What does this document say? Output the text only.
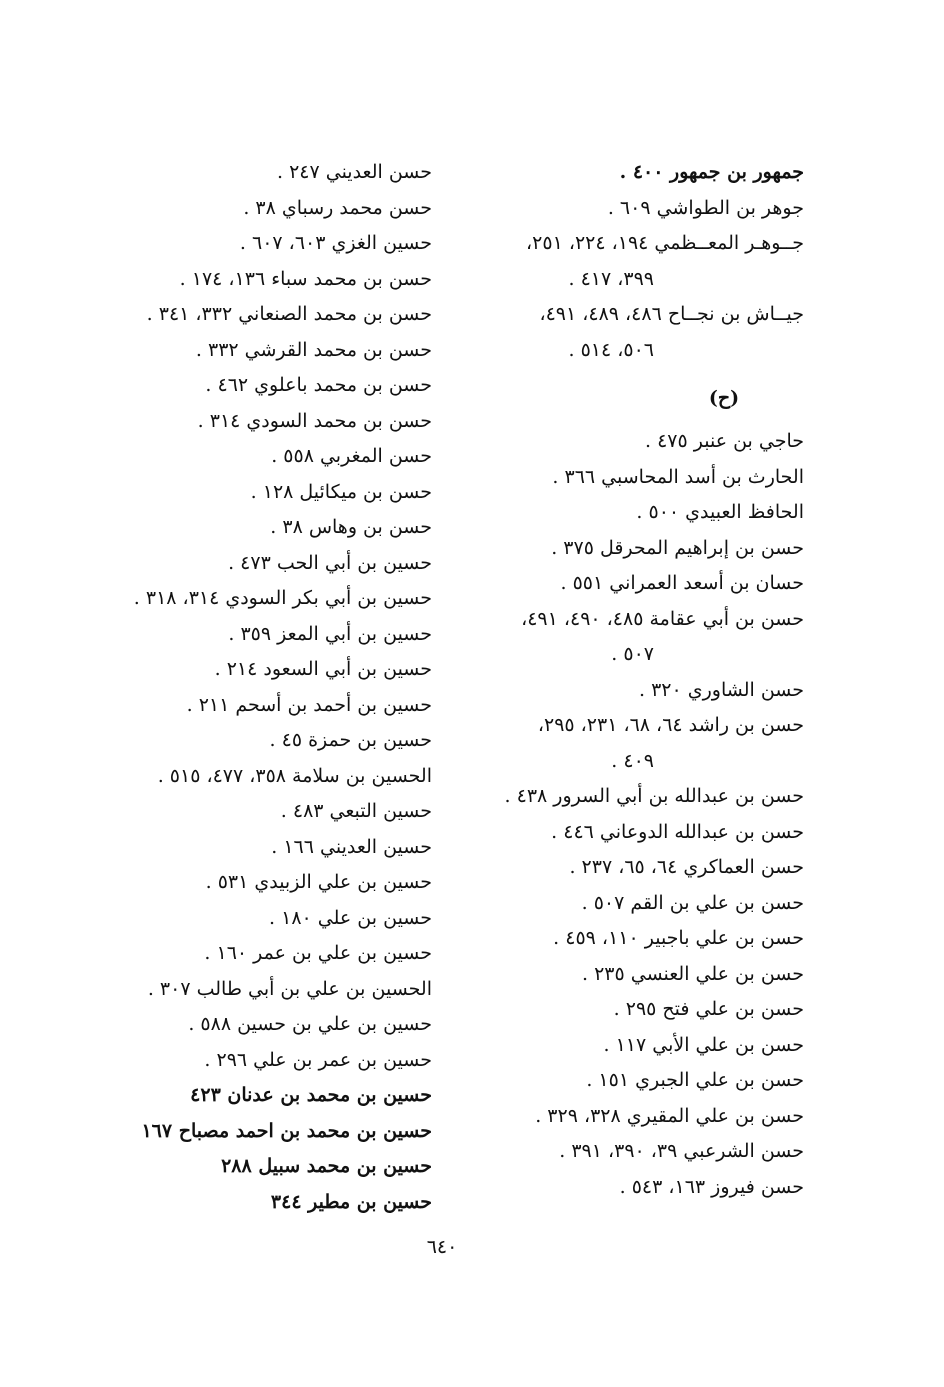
جمهور بن جمهور ٤٠٠ .
جوهر بن الطواشي ٦٠٩ .
جــوهـر المعــظمي ١٩٤، ٢٢٤، ٢٥١،
٣٩٩، ٤١٧ .
جيــاش بن نجــاح ٤٨٦، ٤٨٩، ٤٩١،
٥٠٦، ٥١٤ .
(ح)
حاجي بن عنبر ٤٧٥ .
الحارث بن أسد المحاسبي ٣٦٦ .
الحافظ العبيدي ٥٠٠ .
حسن بن إبراهيم المحرقل ٣٧٥ .
حسان بن أسعد العمراني ٥٥١ .
حسن بن أبي عقامة ٤٨٥، ٤٩٠، ٤٩١،
٥٠٧ .
حسن الشاوري ٣٢٠ .
حسن بن راشد ٦٤، ٦٨، ٢٣١، ٢٩٥،
٤٠٩ .
حسن بن عبدالله بن أبي السرور ٤٣٨ .
حسن بن عبدالله الدوعاني ٤٤٦ .
حسن العماكري ٦٤، ٦٥، ٢٣٧ .
حسن بن علي بن القم ٥٠٧ .
حسن بن علي باجبير ١١٠، ٤٥٩ .
حسن بن علي العنسي ٢٣٥ .
حسن بن علي فتح ٢٩٥ .
حسن بن علي الأبي ١١٧ .
حسن بن علي الجبري ١٥١ .
حسن بن علي المقيري ٣٢٨، ٣٢٩ .
حسن الشرعبي ٣٩، ٣٩٠، ٣٩١ .
حسن فيروز ١٦٣، ٥٤٣ .
حسن العديني ٢٤٧ .
حسن محمد رسباي ٣٨ .
حسين الغزي ٦٠٣، ٦٠٧ .
حسن بن محمد سباء ١٣٦، ١٧٤ .
حسن بن محمد الصنعاني ٣٣٢، ٣٤١ .
حسن بن محمد القرشي ٣٣٢ .
حسن بن محمد باعلوي ٤٦٢ .
حسن بن محمد السودي ٣١٤ .
حسن المغربي ٥٥٨ .
حسن بن ميكائيل ١٢٨ .
حسن بن وهاس ٣٨ .
حسين بن أبي الحب ٤٧٣ .
حسين بن أبي بكر السودي ٣١٤، ٣١٨ .
حسين بن أبي المعز ٣٥٩ .
حسين بن أبي السعود ٢١٤ .
حسين بن أحمد بن أسحم ٢١١ .
حسين بن حمزة ٤٥ .
الحسين بن سلامة ٣٥٨، ٤٧٧، ٥١٥ .
حسين التبعي ٤٨٣ .
حسين العديني ١٦٦ .
حسين بن علي الزبيدي ٥٣١ .
حسين بن علي ١٨٠ .
حسين بن علي بن عمر ١٦٠ .
الحسين بن علي بن أبي طالب ٣٠٧ .
حسين بن علي بن حسين ٥٨٨ .
حسين بن عمر بن علي ٢٩٦ .
حسين بن محمد بن عدنان ٤٢٣
حسين بن محمد بن احمد مصباح ١٦٧
حسين بن محمد سبيل ٢٨٨
حسين بن مطير ٣٤٤
٦٤٠
